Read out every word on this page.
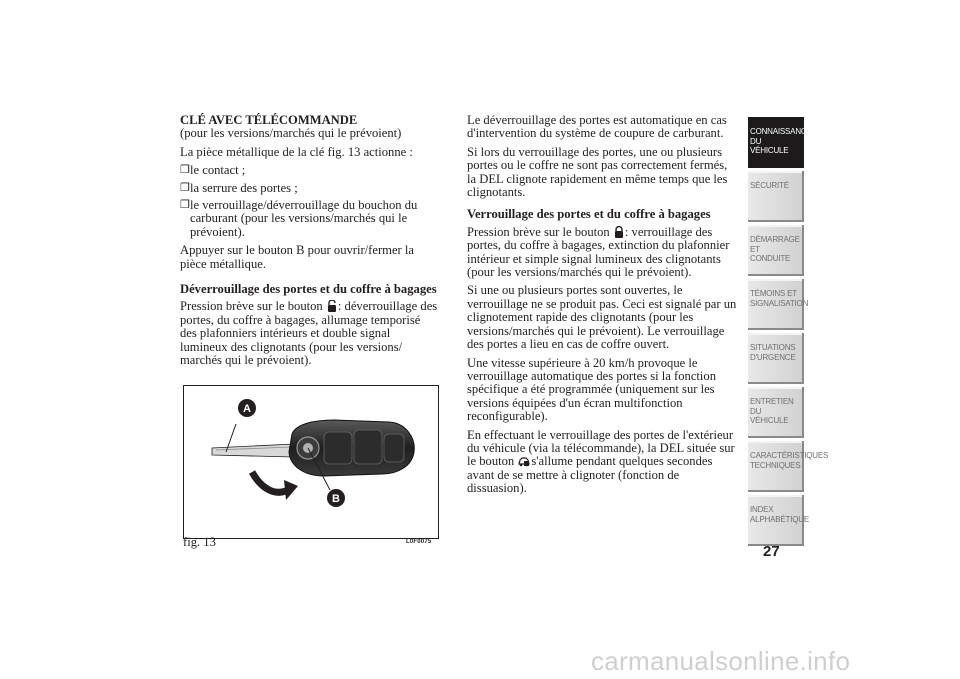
CLÉ AVEC TÉLÉCOMMANDE

(pour les versions/marchés qui le prévoient)

La pièce métallique de la clé fig. 13 actionne :

❒ le contact ;
❒ la serrure des portes ;
❒ le verrouillage/déverrouillage du bouchon du carburant (pour les versions/marchés qui le prévoient).

Appuyer sur le bouton B pour ouvrir/fermer la pièce métallique.

Déverrouillage des portes et du coffre à bagages

Pression brève sur le bouton : déverrouillage des portes, du coffre à bagages, allumage temporisé des plafonniers intérieurs et double signal lumineux des clignotants (pour les versions/ marchés qui le prévoient).

A
B
fig. 13	L0F0075

Le déverrouillage des portes est automatique en cas d'intervention du système de coupure de carburant.

Si lors du verrouillage des portes, une ou plusieurs portes ou le coffre ne sont pas correctement fermés, la DEL clignote rapidement en même temps que les clignotants.

Verrouillage des portes et du coffre à bagages

Pression brève sur le bouton : verrouillage des portes, du coffre à bagages, extinction du plafonnier intérieur et simple signal lumineux des clignotants (pour les versions/marchés qui le prévoient).

Si une ou plusieurs portes sont ouvertes, le verrouillage ne se produit pas. Ceci est signalé par un clignotement rapide des clignotants (pour les versions/marchés qui le prévoient). Le verrouillage des portes a lieu en cas de coffre ouvert.

Une vitesse supérieure à 20 km/h provoque le verrouillage automatique des portes si la fonction spécifique a été programmée (uniquement sur les versions équipées d'un écran multifonction reconfigurable).

En effectuant le verrouillage des portes de l'extérieur du véhicule (via la télécommande), la DEL située sur le bouton s'allume pendant quelques secondes avant de se mettre à clignoter (fonction de dissuasion).

CONNAISSANCE DU VÉHICULE
SÉCURITÉ
DÉMARRAGE ET CONDUITE
TÉMOINS ET SIGNALISATION
SITUATIONS D'URGENCE
ENTRETIEN DU VÉHICULE
CARACTÉRISTIQUES TECHNIQUES
INDEX ALPHABÉTIQUE
27
carmanualsonline.info
